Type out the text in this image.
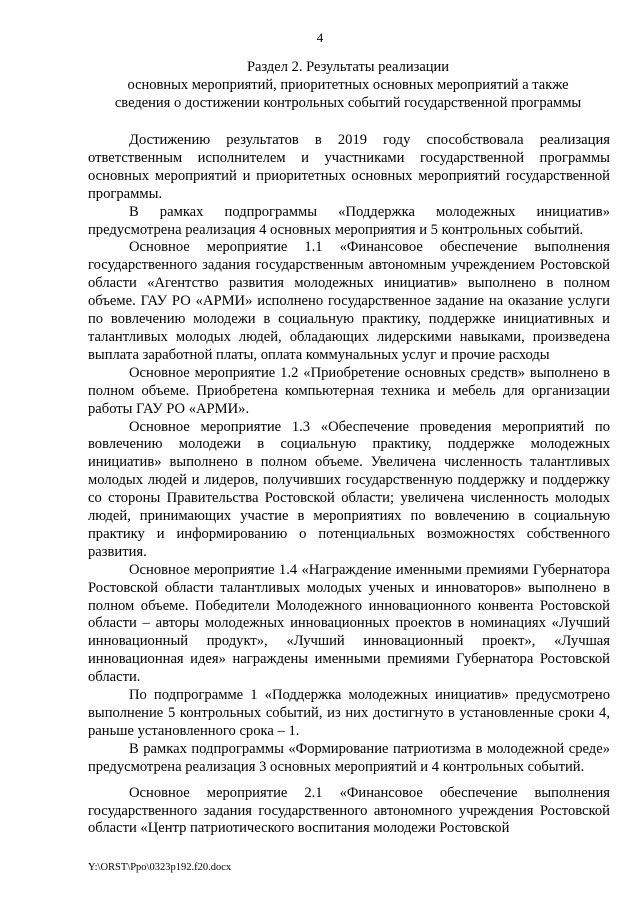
4
Раздел 2. Результаты реализации
основных мероприятий, приоритетных основных мероприятий а также
сведения о достижении контрольных событий государственной программы

Достижению результатов в 2019 году способствовала реализация ответственным исполнителем и участниками государственной программы основных мероприятий и приоритетных основных мероприятий государственной программы.

В рамках подпрограммы «Поддержка молодежных инициатив» предусмотрена реализация 4 основных мероприятия и 5 контрольных событий.

Основное мероприятие 1.1 «Финансовое обеспечение выполнения государственного задания государственным автономным учреждением Ростовской области «Агентство развития молодежных инициатив» выполнено в полном объеме. ГАУ РО «АРМИ» исполнено государственное задание на оказание услуги по вовлечению молодежи в социальную практику, поддержке инициативных и талантливых молодых людей, обладающих лидерскими навыками, произведена выплата заработной платы, оплата коммунальных услуг и прочие расходы

Основное мероприятие 1.2 «Приобретение основных средств» выполнено в полном объеме. Приобретена компьютерная техника и мебель для организации работы ГАУ РО «АРМИ».

Основное мероприятие 1.3 «Обеспечение проведения мероприятий по вовлечению молодежи в социальную практику, поддержке молодежных инициатив» выполнено в полном объеме. Увеличена численность талантливых молодых людей и лидеров, получивших государственную поддержку и поддержку со стороны Правительства Ростовской области; увеличена численность молодых людей, принимающих участие в мероприятиях по вовлечению в социальную практику и информированию о потенциальных возможностях собственного развития.

Основное мероприятие 1.4 «Награждение именными премиями Губернатора Ростовской области талантливых молодых ученых и инноваторов» выполнено в полном объеме. Победители Молодежного инновационного конвента Ростовской области – авторы молодежных инновационных проектов в номинациях «Лучший инновационный продукт», «Лучший инновационный проект», «Лучшая инновационная идея» награждены именными премиями Губернатора Ростовской области.

По подпрограмме 1 «Поддержка молодежных инициатив» предусмотрено выполнение 5 контрольных событий, из них достигнуто в установленные сроки 4, раньше установленного срока – 1.

В рамках подпрограммы «Формирование патриотизма в молодежной среде» предусмотрена реализация 3 основных мероприятий и 4 контрольных событий.

Основное мероприятие 2.1 «Финансовое обеспечение выполнения государственного задания государственного автономного учреждения Ростовской области «Центр патриотического воспитания молодежи Ростовской

Y:\ORST\Ppo\0323p192.f20.docx
